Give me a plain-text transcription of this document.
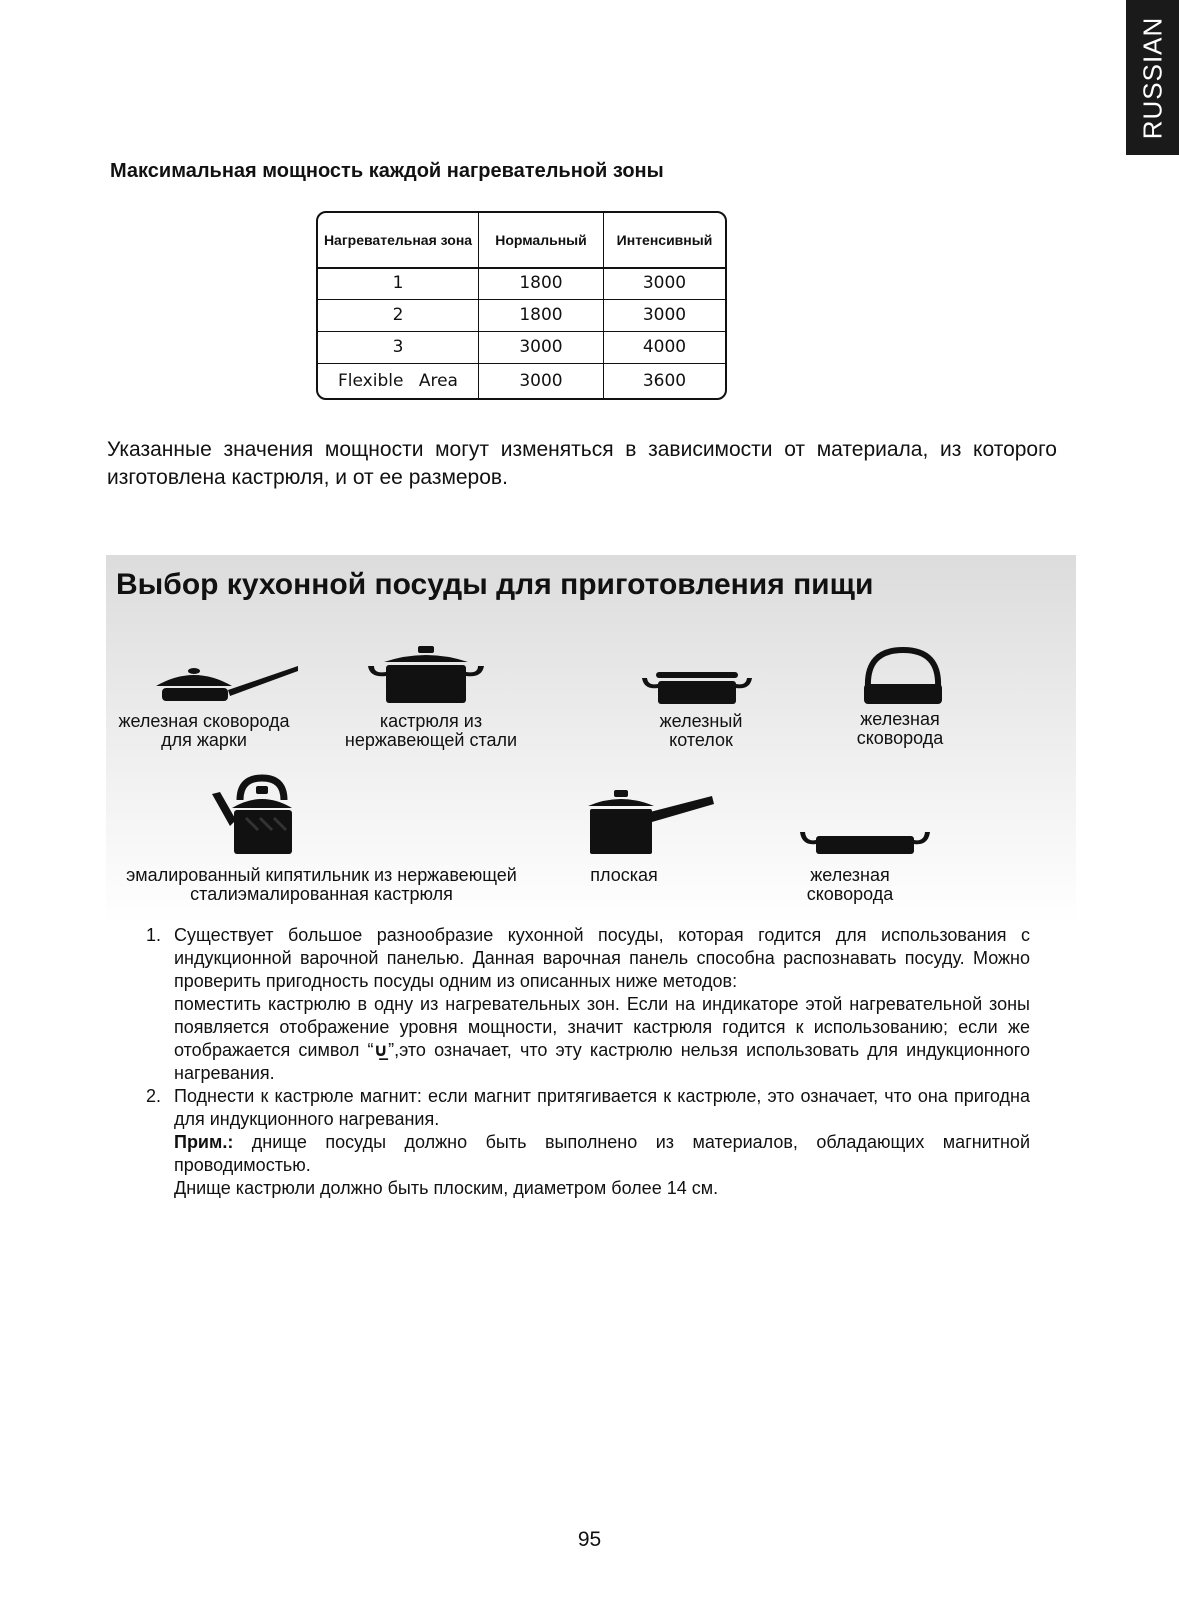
RUSSIAN
Максимальная мощность каждой нагревательной зоны
Нагревательная зона	Нормальный	Интенсивный
1	1800	3000
2	1800	3000
3	3000	4000
Flexible Area	3000	3600
Указанные значения мощности могут изменяться в зависимости от материала, из которого изготовлена кастрюля, и от ее размеров.
Выбор кухонной посуды для приготовления пищи
железная сковорода
для жарки
кастрюля из
нержавеющей стали
железный
котелок
железная
сковорода
эмалированный кипятильник из нержавеющей
сталиэмалированная кастрюля
плоская	железная
сковорода
1. Существует большое разнообразие кухонной посуды, которая годится для использования с индукционной варочной панелью. Данная варочная панель способна распознавать посуду. Можно проверить пригодность посуды одним из описанных ниже методов:
поместить кастрюлю в одну из нагревательных зон. Если на индикаторе этой нагревательной зоны появляется отображение уровня мощности, значит кастрюля годится к использованию; если же отображается символ “∪̲”,это означает, что эту кастрюлю нельзя использовать для индукционного нагревания.
2. Поднести к кастрюле магнит: если магнит притягивается к кастрюле, это означает, что она пригодна для индукционного нагревания.
Прим.: днище посуды должно быть выполнено из материалов, обладающих магнитной проводимостью.
Днище кастрюли должно быть плоским, диаметром более 14 см.
95
